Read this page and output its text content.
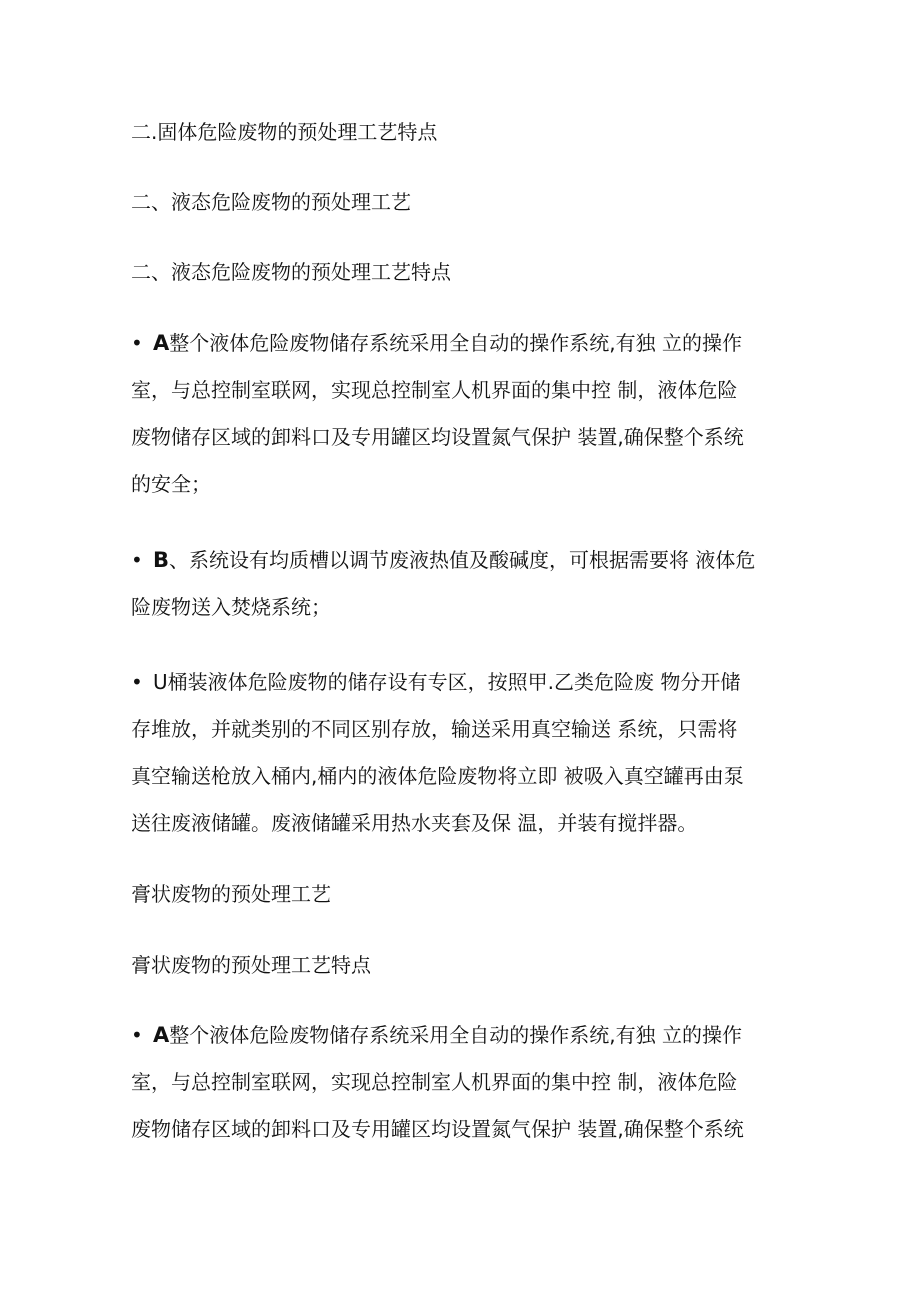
二.固体危险废物的预处理工艺特点
二、液态危险废物的预处理工艺
二、液态危险废物的预处理工艺特点
• A整个液体危险废物储存系统采用全自动的操作系统,有独 立的操作
室，与总控制室联网，实现总控制室人机界面的集中控 制，液体危险
废物储存区域的卸料口及专用罐区均设置氮气保护 装置,确保整个系统
的安全；
• B、系统设有均质槽以调节废液热值及酸碱度，可根据需要将 液体危
险废物送入焚烧系统；
• U桶装液体危险废物的储存设有专区，按照甲.乙类危险废 物分开储
存堆放，并就类别的不同区别存放，输送采用真空输送 系统，只需将
真空输送枪放入桶内,桶内的液体危险废物将立即 被吸入真空罐再由泵
送往废液储罐。废液储罐采用热水夹套及保 温，并装有搅拌器。
膏状废物的预处理工艺
膏状废物的预处理工艺特点
• A整个液体危险废物储存系统采用全自动的操作系统,有独 立的操作
室，与总控制室联网，实现总控制室人机界面的集中控 制，液体危险
废物储存区域的卸料口及专用罐区均设置氮气保护 装置,确保整个系统
